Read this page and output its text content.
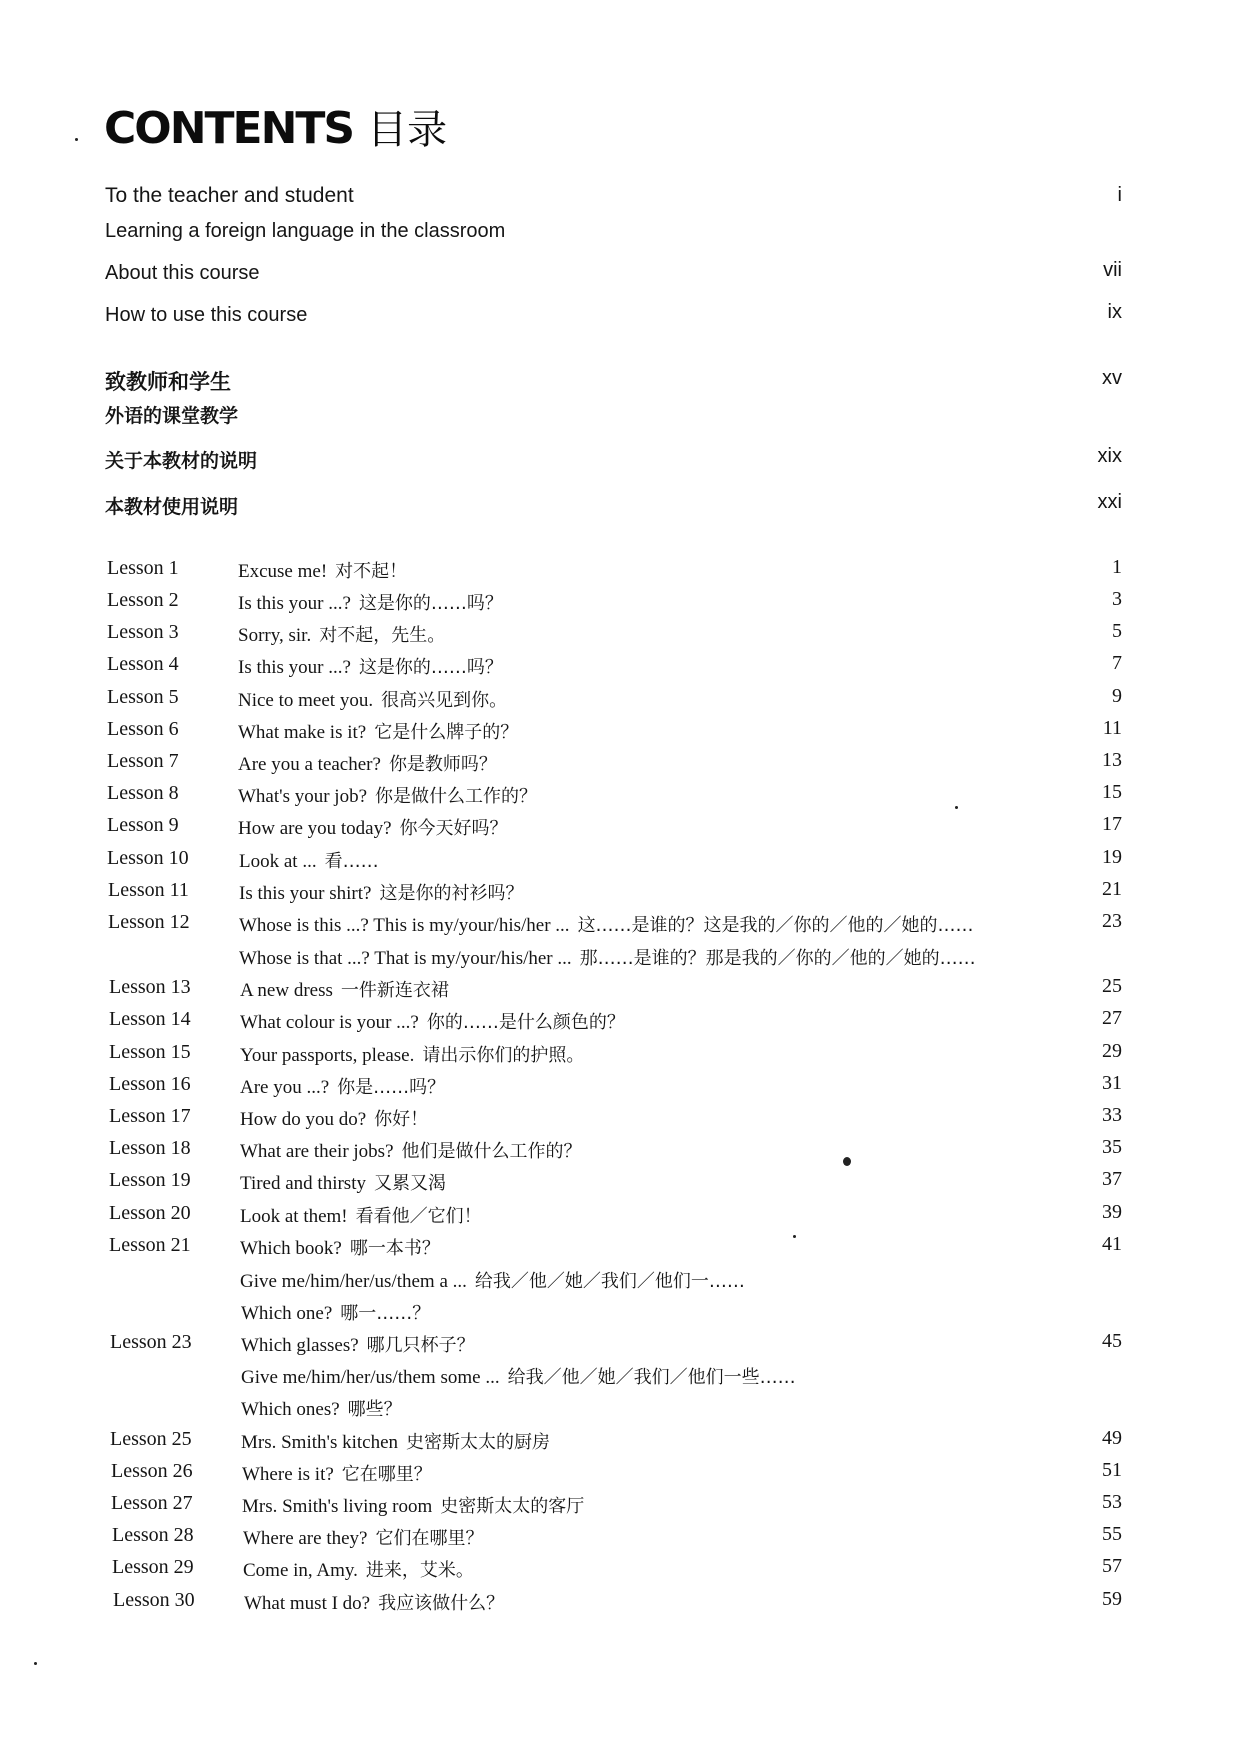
CONTENTS 目录
To the teacher and student	i
Learning a foreign language in the classroom
About this course	vii
How to use this course	ix
致教师和学生	xv
外语的课堂教学
关于本教材的说明	xix
本教材使用说明	xxi
Lesson 1	Excuse me! 对不起！	1
Lesson 2	Is this your ...? 这是你的……吗？	3
Lesson 3	Sorry, sir. 对不起，先生。	5
Lesson 4	Is this your ...? 这是你的……吗？	7
Lesson 5	Nice to meet you. 很高兴见到你。	9
Lesson 6	What make is it? 它是什么牌子的？	11
Lesson 7	Are you a teacher? 你是教师吗？	13
Lesson 8	What's your job? 你是做什么工作的？	15
Lesson 9	How are you today? 你今天好吗？	17
Lesson 10	Look at ... 看……	19
Lesson 11	Is this your shirt? 这是你的衬衫吗？	21
Lesson 12	Whose is this ...? This is my/your/his/her ... 这……是谁的？这是我的／你的／他的／她的……	23
Whose is that ...? That is my/your/his/her ... 那……是谁的？那是我的／你的／他的／她的……
Lesson 13	A new dress 一件新连衣裙	25
Lesson 14	What colour is your ...? 你的……是什么颜色的？	27
Lesson 15	Your passports, please. 请出示你们的护照。	29
Lesson 16	Are you ...? 你是……吗？	31
Lesson 17	How do you do? 你好！	33
Lesson 18	What are their jobs? 他们是做什么工作的？	35
Lesson 19	Tired and thirsty 又累又渴	37
Lesson 20	Look at them! 看看他／它们！	39
Lesson 21	Which book? 哪一本书？	41
Give me/him/her/us/them a ... 给我／他／她／我们／他们一……
Which one? 哪一……？
Lesson 23	Which glasses? 哪几只杯子？	45
Give me/him/her/us/them some ... 给我／他／她／我们／他们一些……
Which ones? 哪些？
Lesson 25	Mrs. Smith's kitchen 史密斯太太的厨房	49
Lesson 26	Where is it? 它在哪里？	51
Lesson 27	Mrs. Smith's living room 史密斯太太的客厅	53
Lesson 28	Where are they? 它们在哪里？	55
Lesson 29	Come in, Amy. 进来，艾米。	57
Lesson 30	What must I do? 我应该做什么？	59
